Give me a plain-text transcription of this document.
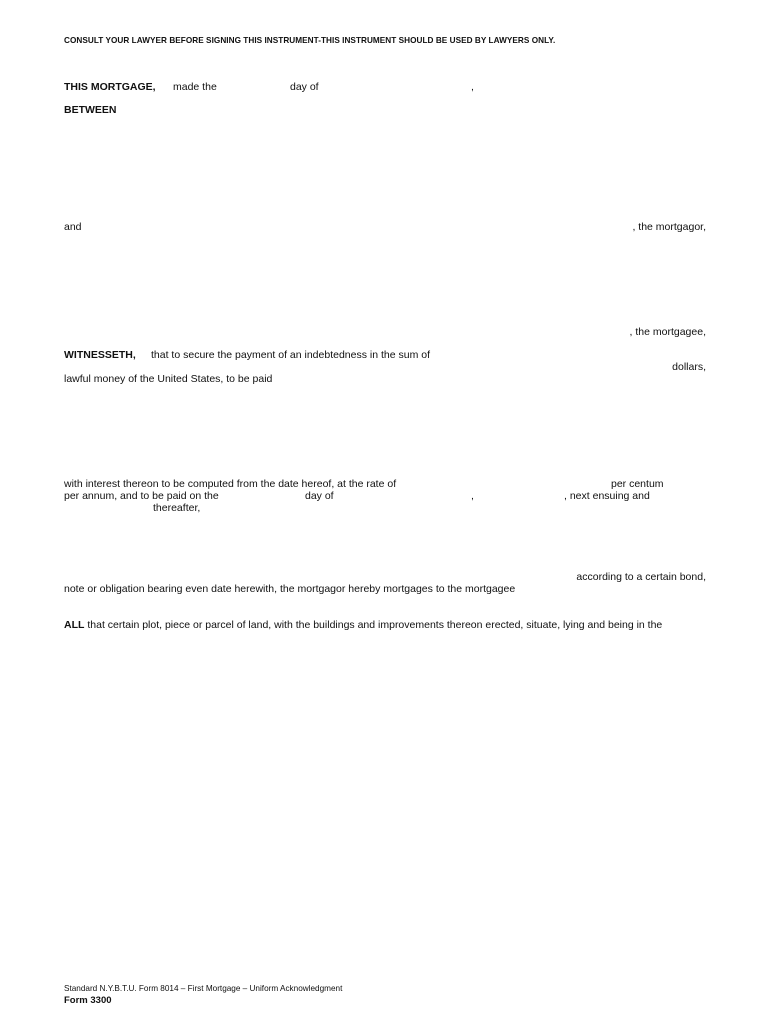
CONSULT YOUR LAWYER BEFORE SIGNING THIS INSTRUMENT-THIS INSTRUMENT SHOULD BE USED BY LAWYERS ONLY.
THIS MORTGAGE, made the	day of	,
BETWEEN
and	, the mortgagor,
, the mortgagee,
WITNESSETH, that to secure the payment of an indebtedness in the sum of
dollars,
lawful money of the United States, to be paid
with interest thereon to be computed from the date hereof, at the rate of	per centum
per annum, and to be paid on the	day of	,	, next ensuing and
thereafter,
according to a certain bond,
note or obligation bearing even date herewith, the mortgagor hereby mortgages to the mortgagee
ALL that certain plot, piece or parcel of land, with the buildings and improvements thereon erected, situate, lying and being in the
Standard N.Y.B.T.U. Form 8014 – First Mortgage – Uniform Acknowledgment
Form 3300
